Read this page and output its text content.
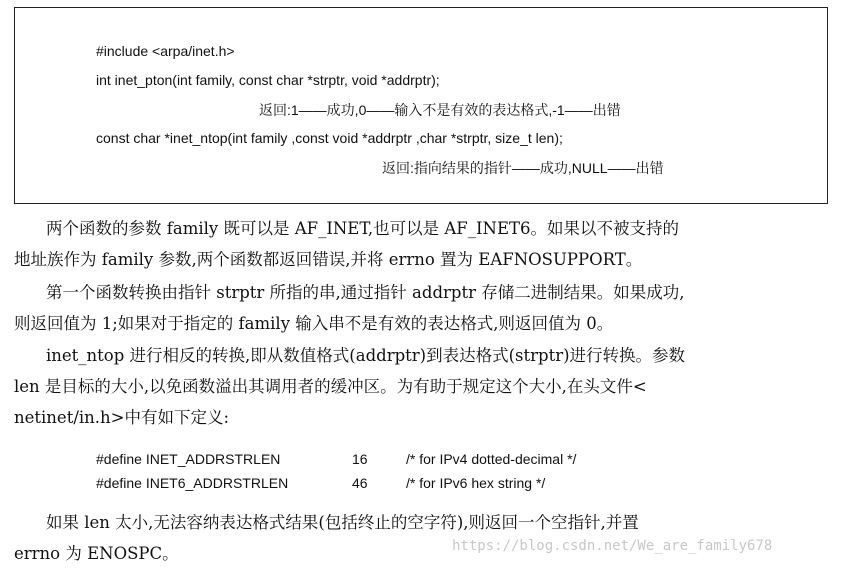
#include <arpa/inet.h>
int inet_pton(int family, const char *strptr, void *addrptr);
返回:1——成功,0——输入不是有效的表达格式,-1——出错
const char *inet_ntop(int family ,const void *addrptr ,char *strptr, size_t len);
返回:指向结果的指针——成功,NULL——出错
两个函数的参数 family 既可以是 AF_INET,也可以是 AF_INET6。如果以不被支持的
地址族作为 family 参数,两个函数都返回错误,并将 errno 置为 EAFNOSUPPORT。
第一个函数转换由指针 strptr 所指的串,通过指针 addrptr 存储二进制结果。如果成功,
则返回值为 1;如果对于指定的 family 输入串不是有效的表达格式,则返回值为 0。
inet_ntop 进行相反的转换,即从数值格式(addrptr)到表达格式(strptr)进行转换。参数
len 是目标的大小,以免函数溢出其调用者的缓冲区。为有助于规定这个大小,在头文件<
netinet/in.h>中有如下定义:
#define INET_ADDRSTRLEN	16	/* for IPv4 dotted-decimal */
#define INET6_ADDRSTRLEN	46	/* for IPv6 hex string */
如果 len 太小,无法容纳表达格式结果(包括终止的空字符),则返回一个空指针,并置
errno 为 ENOSPC。	https://blog.csdn.net/We_are_family678
